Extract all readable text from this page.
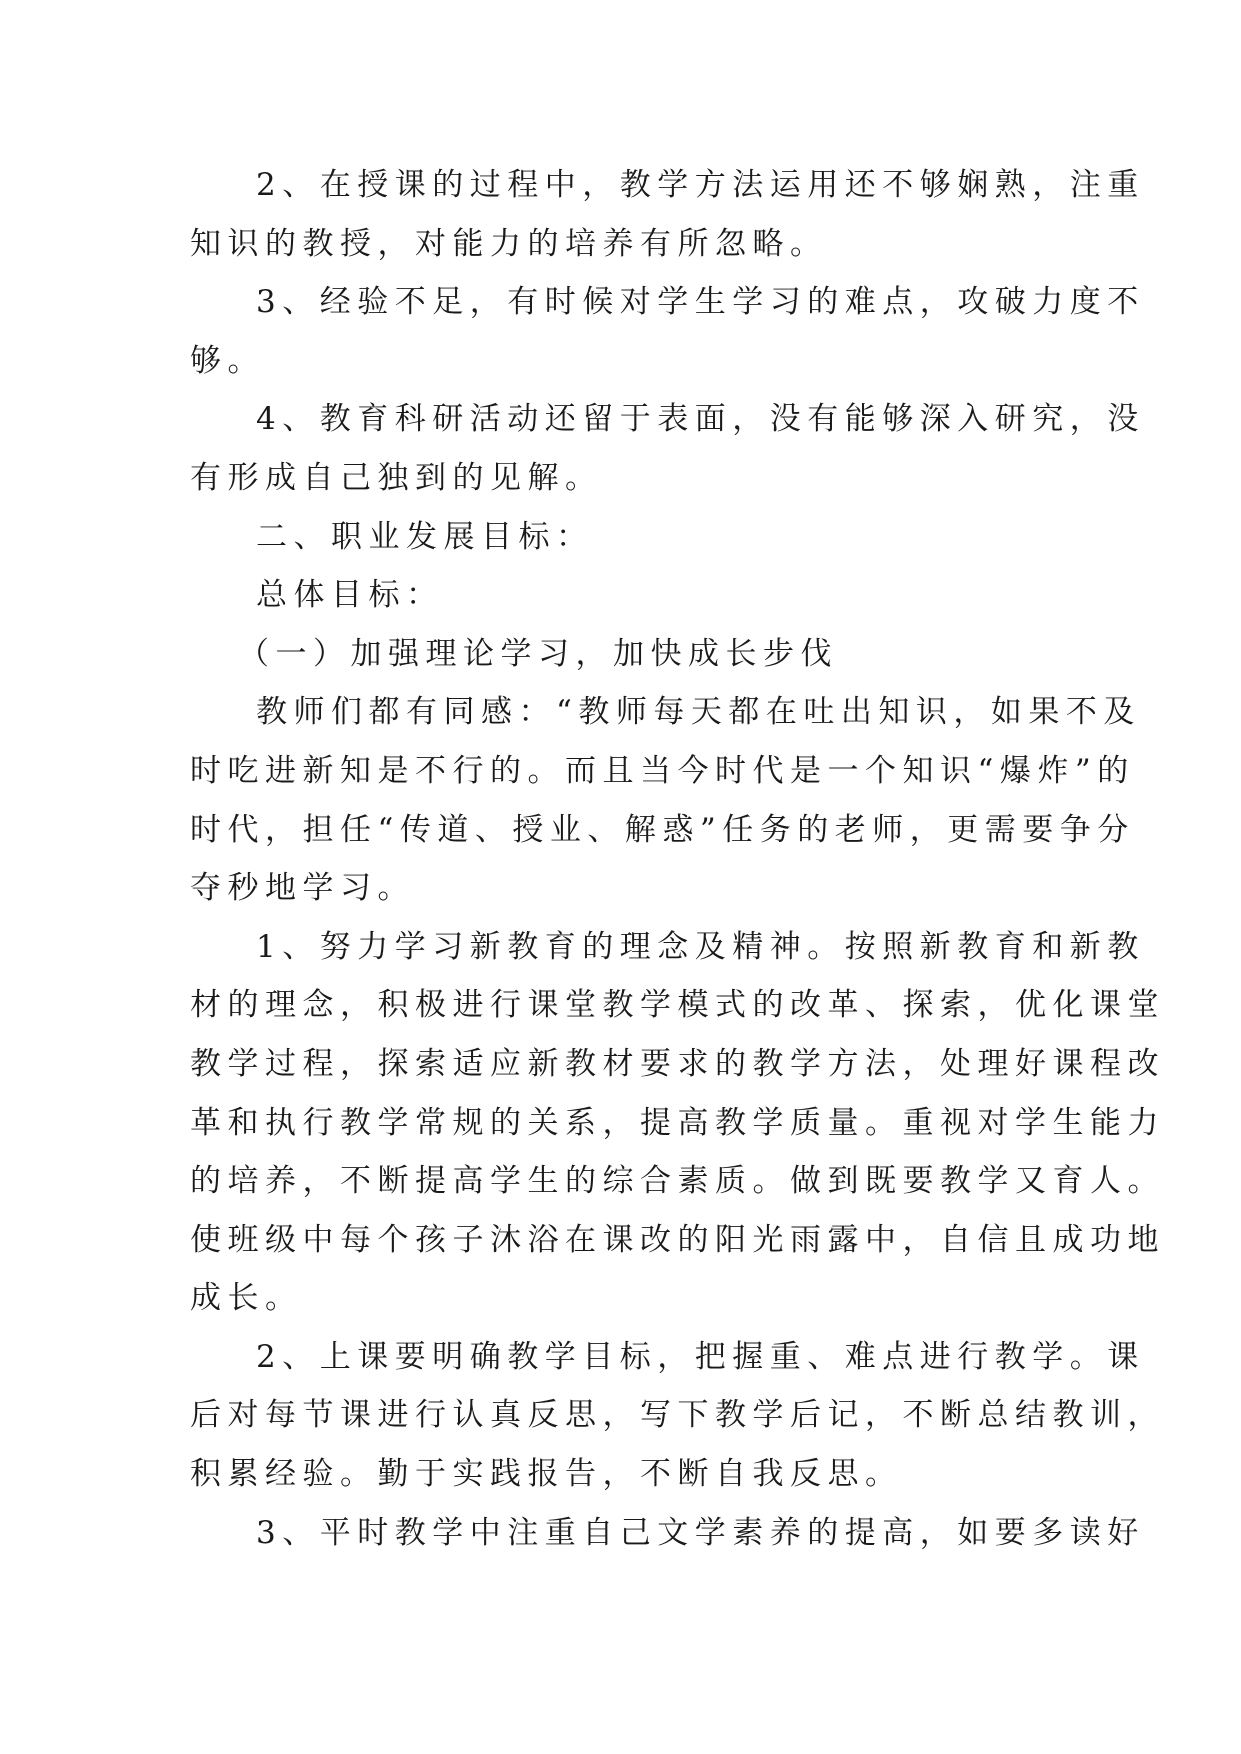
2、在授课的过程中，教学方法运用还不够娴熟，注重
知识的教授，对能力的培养有所忽略。
3、经验不足，有时候对学生学习的难点，攻破力度不
够。
4、教育科研活动还留于表面，没有能够深入研究，没
有形成自己独到的见解。
二、职业发展目标：
总体目标：
（一）加强理论学习，加快成长步伐
教师们都有同感：“教师每天都在吐出知识，如果不及
时吃进新知是不行的。而且当今时代是一个知识“爆炸”的
时代，担任“传道、授业、解惑”任务的老师，更需要争分
夺秒地学习。
1、努力学习新教育的理念及精神。按照新教育和新教
材的理念，积极进行课堂教学模式的改革、探索，优化课堂
教学过程，探索适应新教材要求的教学方法，处理好课程改
革和执行教学常规的关系，提高教学质量。重视对学生能力
的培养，不断提高学生的综合素质。做到既要教学又育人。
使班级中每个孩子沐浴在课改的阳光雨露中，自信且成功地
成长。
2、上课要明确教学目标，把握重、难点进行教学。课
后对每节课进行认真反思，写下教学后记，不断总结教训，
积累经验。勤于实践报告，不断自我反思。
3、平时教学中注重自己文学素养的提高，如要多读好
